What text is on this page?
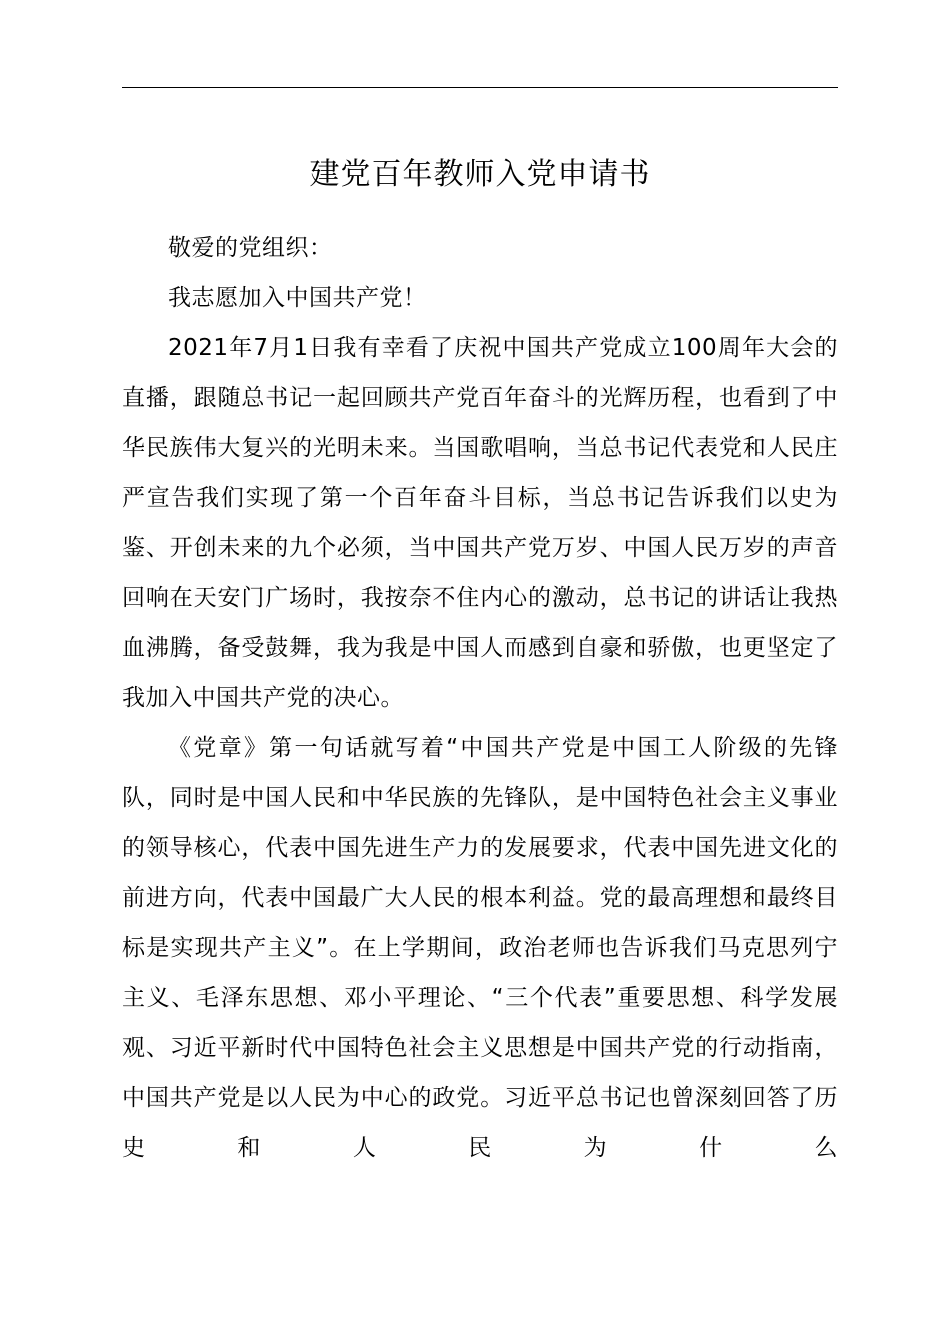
建党百年教师入党申请书

敬爱的党组织：

我志愿加入中国共产党！

2021年7月1日我有幸看了庆祝中国共产党成立100周年大会的直播，跟随总书记一起回顾共产党百年奋斗的光辉历程，也看到了中华民族伟大复兴的光明未来。当国歌唱响，当总书记代表党和人民庄严宣告我们实现了第一个百年奋斗目标，当总书记告诉我们以史为鉴、开创未来的九个必须，当中国共产党万岁、中国人民万岁的声音回响在天安门广场时，我按奈不住内心的激动，总书记的讲话让我热血沸腾，备受鼓舞，我为我是中国人而感到自豪和骄傲，也更坚定了我加入中国共产党的决心。

《党章》第一句话就写着“中国共产党是中国工人阶级的先锋队，同时是中国人民和中华民族的先锋队，是中国特色社会主义事业的领导核心，代表中国先进生产力的发展要求，代表中国先进文化的前进方向，代表中国最广大人民的根本利益。党的最高理想和最终目标是实现共产主义”。在上学期间，政治老师也告诉我们马克思列宁主义、毛泽东思想、邓小平理论、“三个代表”重要思想、科学发展观、习近平新时代中国特色社会主义思想是中国共产党的行动指南，中国共产党是以人民为中心的政党。习近平总书记也曾深刻回答了历史和人民为什么
